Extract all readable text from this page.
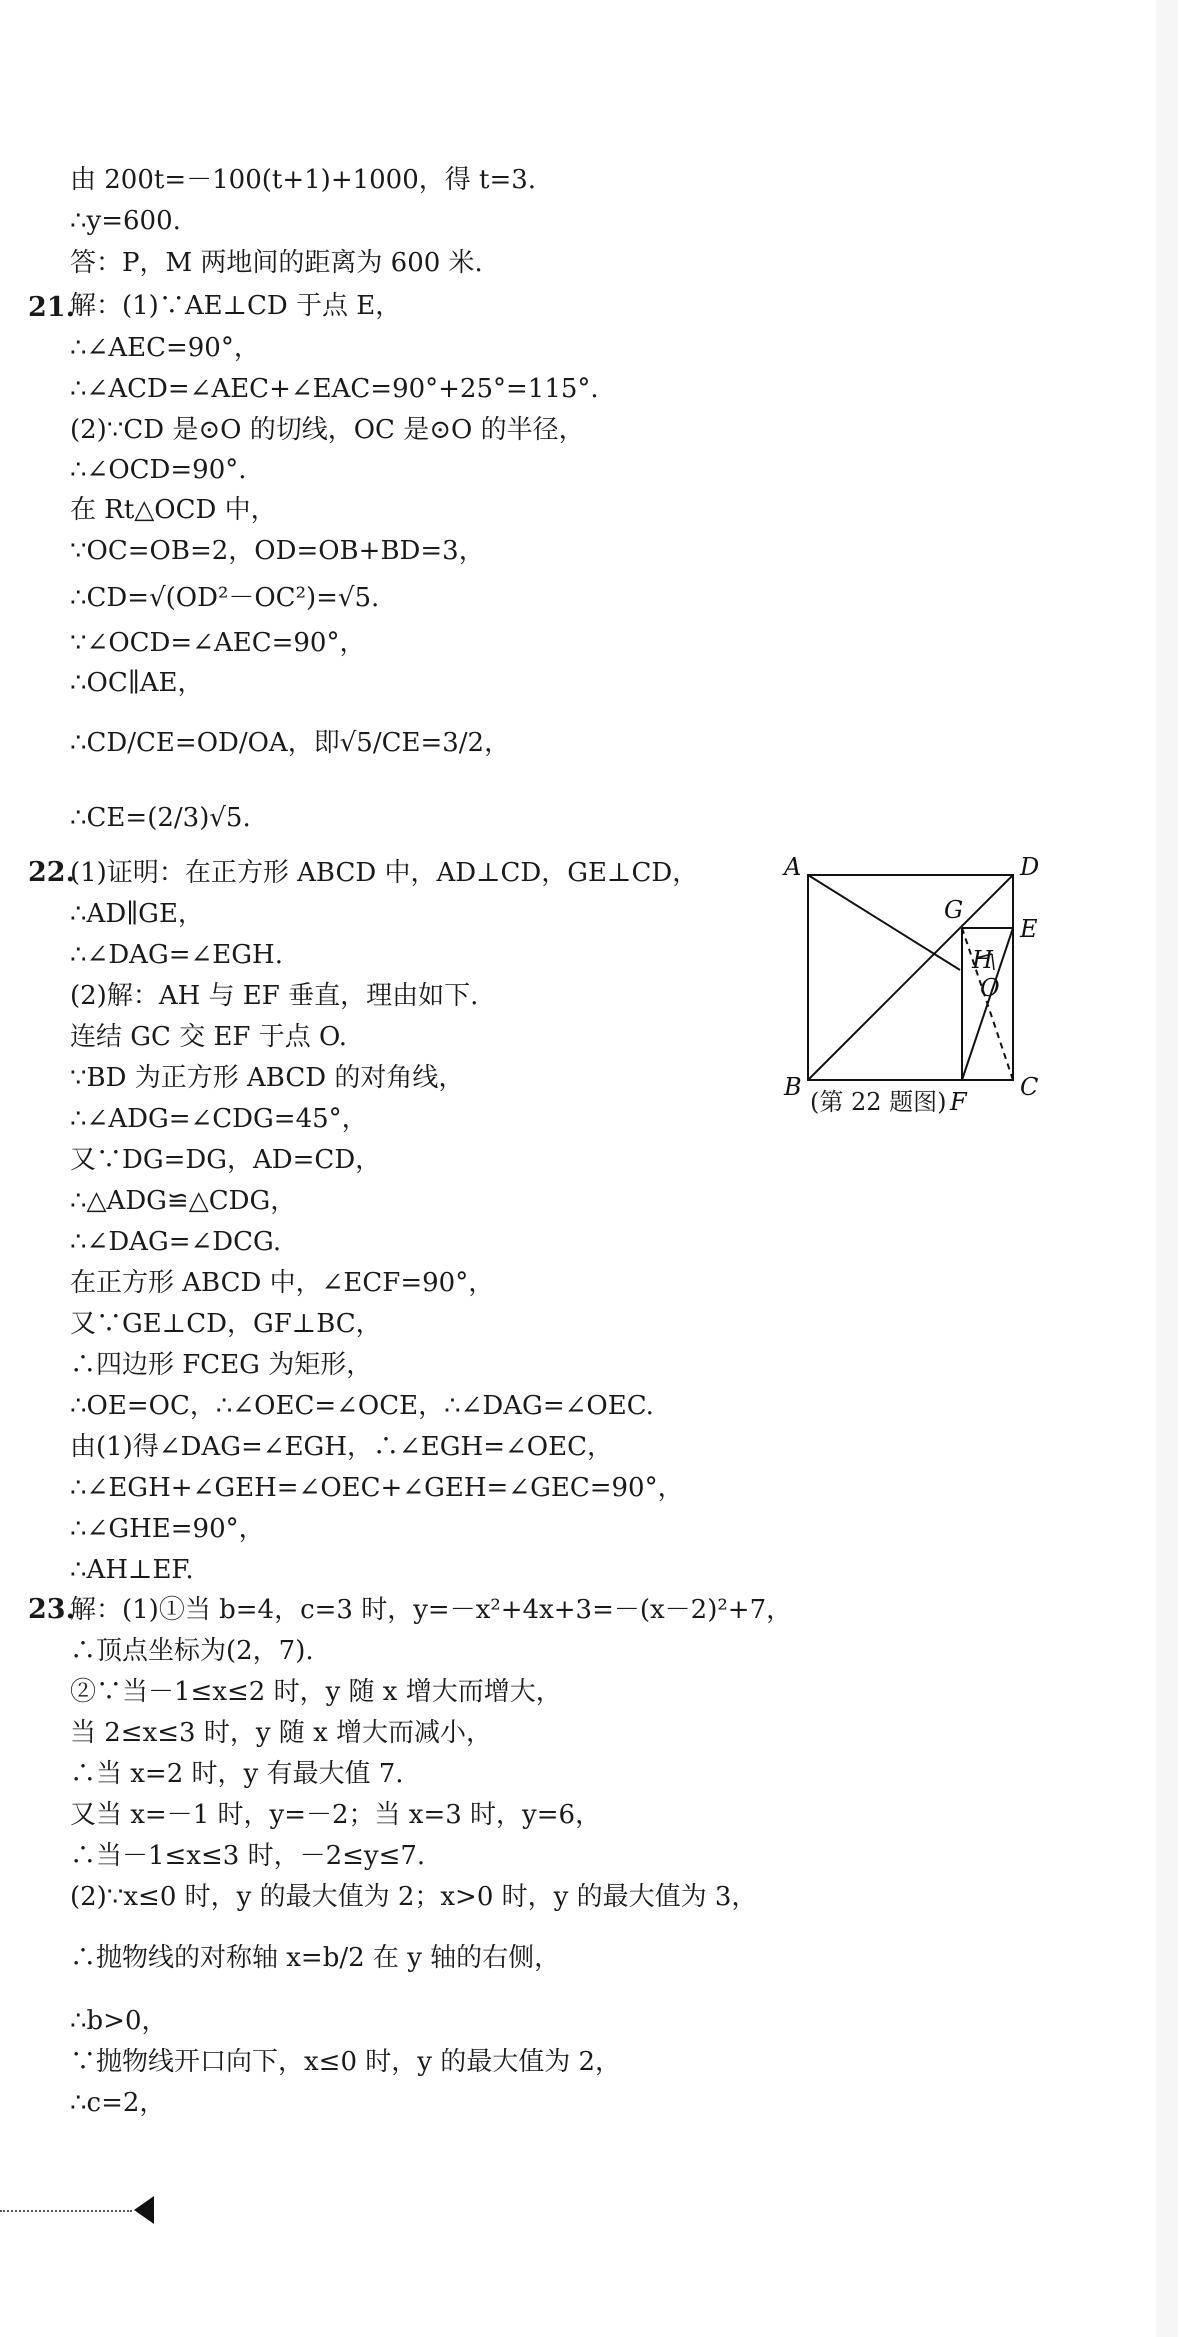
21.
22.
23.
由 200t=－100(t+1)+1000，得 t=3.
∴y=600.
答：P，M 两地间的距离为 600 米.
解：(1)∵AE⊥CD 于点 E，
∴∠AEC=90°，
∴∠ACD=∠AEC+∠EAC=90°+25°=115°.
(2)∵CD 是⊙O 的切线，OC 是⊙O 的半径，
∴∠OCD=90°.
在 Rt△OCD 中，
∵OC=OB=2，OD=OB+BD=3，
∴CD=√(OD²－OC²)=√5.
∵∠OCD=∠AEC=90°，
∴OC∥AE，
∴CD/CE=OD/OA，即√5/CE=3/2，
∴CE=(2/3)√5.
(1)证明：在正方形 ABCD 中，AD⊥CD，GE⊥CD，
∴AD∥GE，
∴∠DAG=∠EGH.
(2)解：AH 与 EF 垂直，理由如下.
连结 GC 交 EF 于点 O.
∵BD 为正方形 ABCD 的对角线，
∴∠ADG=∠CDG=45°，
又∵DG=DG，AD=CD，
∴△ADG≌△CDG，
∴∠DAG=∠DCG.
在正方形 ABCD 中，∠ECF=90°，
又∵GE⊥CD，GF⊥BC，
∴四边形 FCEG 为矩形，
∴OE=OC，∴∠OEC=∠OCE，∴∠DAG=∠OEC.
由(1)得∠DAG=∠EGH，∴∠EGH=∠OEC，
∴∠EGH+∠GEH=∠OEC+∠GEH=∠GEC=90°，
∴∠GHE=90°，
∴AH⊥EF.
解：(1)①当 b=4，c=3 时，y=－x²+4x+3=－(x－2)²+7，
∴顶点坐标为(2，7).
②∵当－1≤x≤2 时，y 随 x 增大而增大，
当 2≤x≤3 时，y 随 x 增大而减小，
∴当 x=2 时，y 有最大值 7.
又当 x=－1 时，y=－2；当 x=3 时，y=6，
∴当－1≤x≤3 时，－2≤y≤7.
(2)∵x≤0 时，y 的最大值为 2；x>0 时，y 的最大值为 3，
∴抛物线的对称轴 x=b/2 在 y 轴的右侧，
∴b>0，
∵抛物线开口向下，x≤0 时，y 的最大值为 2，
∴c=2，
A	D
E
B	C
F
G
H
O
(第 22 题图)
